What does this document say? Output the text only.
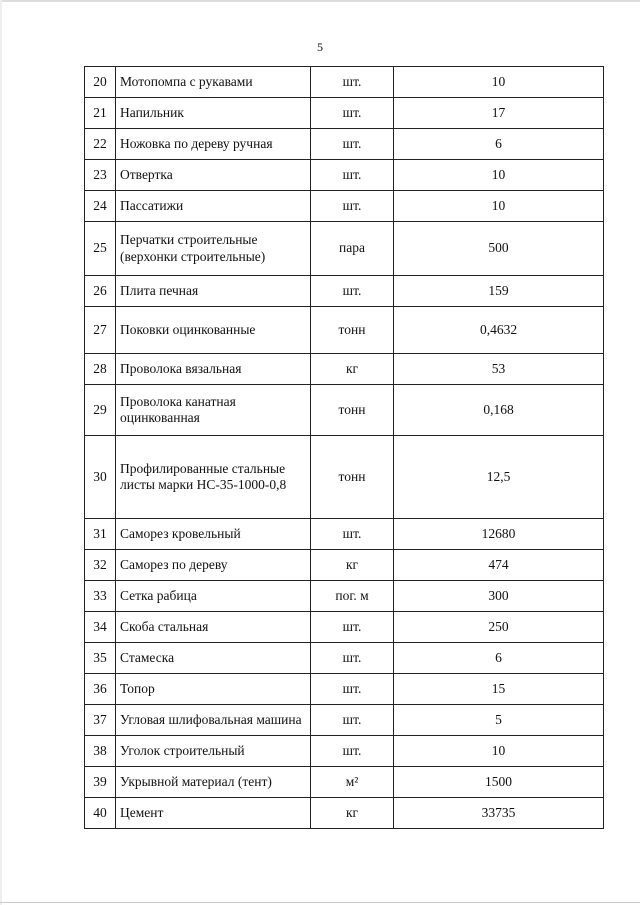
5
20	Мотопомпа с рукавами	шт.	10
21	Напильник	шт.	17
22	Ножовка по дереву ручная	шт.	6
23	Отвертка	шт.	10
24	Пассатижи	шт.	10
25	Перчатки строительные (верхонки строительные)	пара	500
26	Плита печная	шт.	159
27	Поковки оцинкованные	тонн	0,4632
28	Проволока вязальная	кг	53
29	Проволока канатная оцинкованная	тонн	0,168
30	Профилированные стальные листы марки НС-35-1000-0,8	тонн	12,5
31	Саморез кровельный	шт.	12680
32	Саморез по дереву	кг	474
33	Сетка рабица	пог. м	300
34	Скоба стальная	шт.	250
35	Стамеска	шт.	6
36	Топор	шт.	15
37	Угловая шлифовальная машина	шт.	5
38	Уголок строительный	шт.	10
39	Укрывной материал (тент)	м²	1500
40	Цемент	кг	33735
